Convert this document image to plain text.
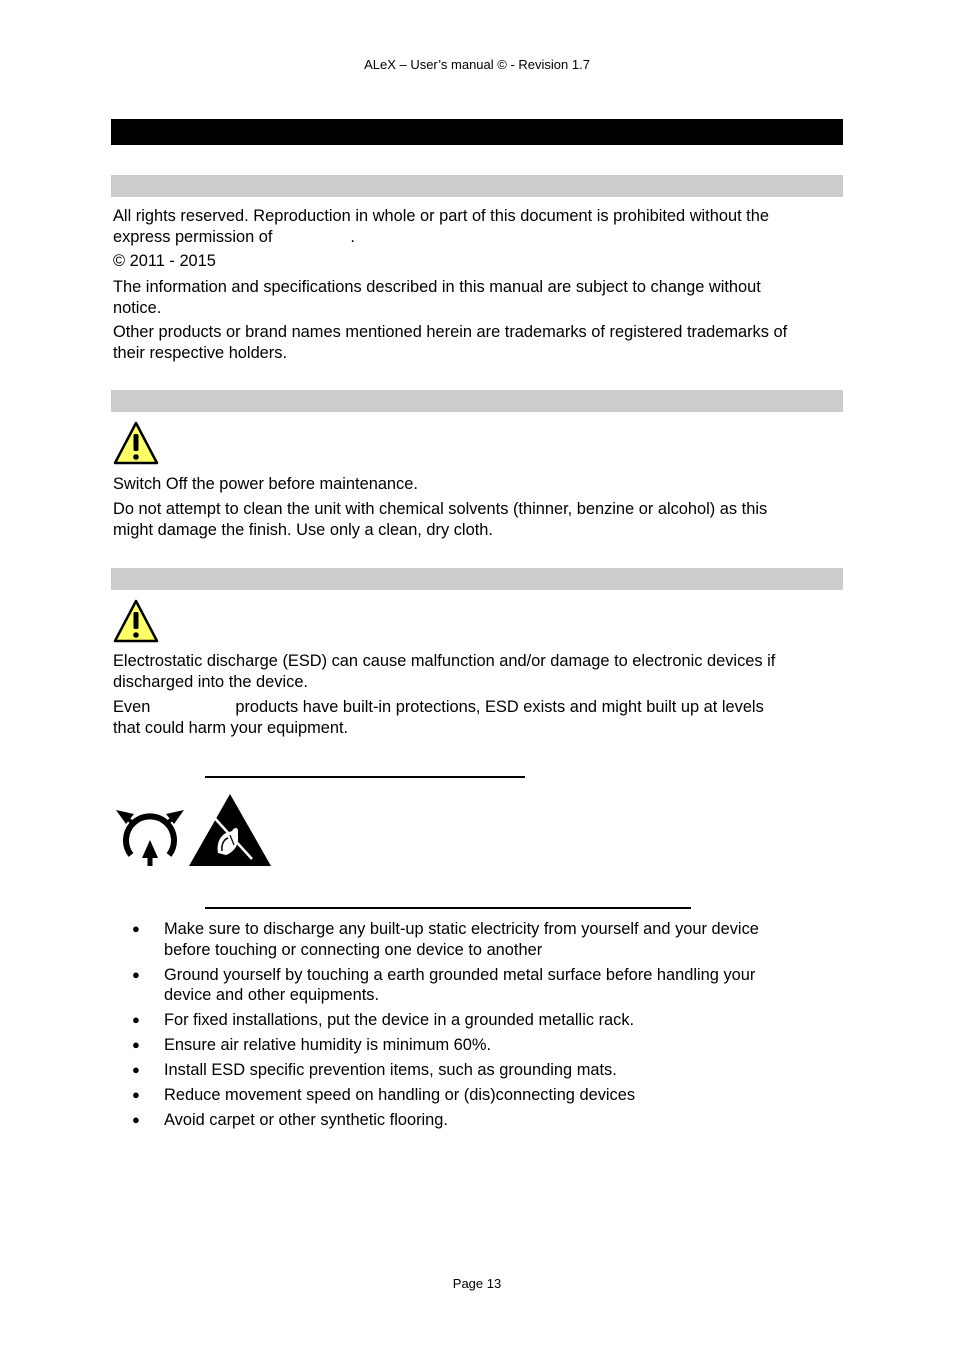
ALeX – User’s manual © - Revision 1.7
All rights reserved. Reproduction in whole or part of this document is prohibited without the
express permission of	.
© 2011 - 2015
The information and specifications described in this manual are subject to change without
notice.
Other products or brand names mentioned herein are trademarks of registered trademarks of
their respective holders.
Switch Off the power before maintenance.
Do not attempt to clean the unit with chemical solvents (thinner, benzine or alcohol) as this
might damage the finish. Use only a clean, dry cloth.
Electrostatic discharge (ESD) can cause malfunction and/or damage to electronic devices if
discharged into the device.
Even	products have built-in protections, ESD exists and might built up at levels
that could harm your equipment.
● Make sure to discharge any built-up static electricity from yourself and your device
before touching or connecting one device to another
● Ground yourself by touching a earth grounded metal surface before handling your
device and other equipments.
● For fixed installations, put the device in a grounded metallic rack.
● Ensure air relative humidity is minimum 60%.
● Install ESD specific prevention items, such as grounding mats.
● Reduce movement speed on handling or (dis)connecting devices
● Avoid carpet or other synthetic flooring.
Page 13
